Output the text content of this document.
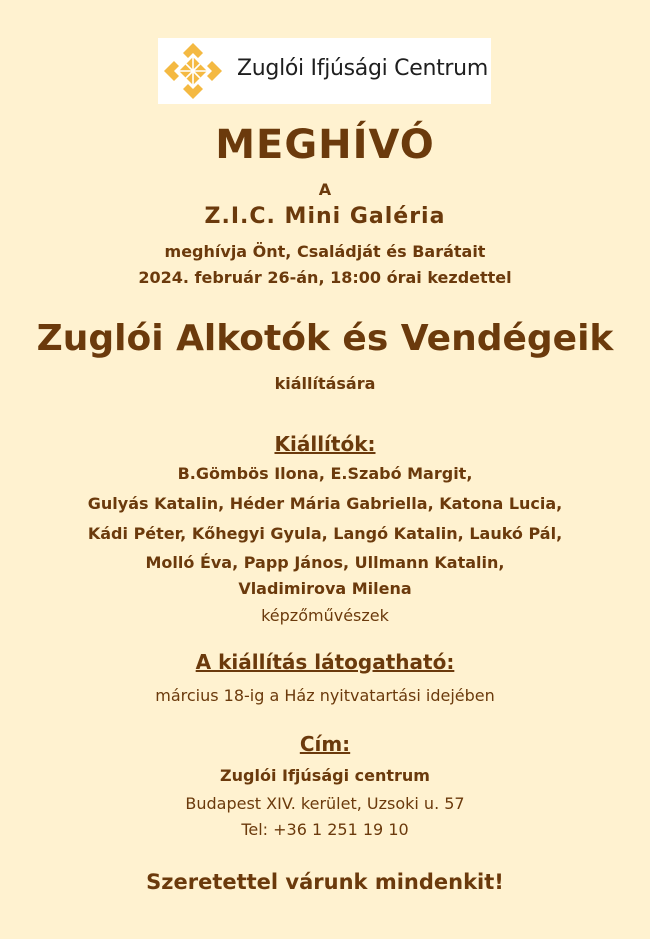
Zuglói Ifjúsági Centrum
MEGHÍVÓ
A
Z.I.C. Mini Galéria
meghívja Önt, Családját és Barátait
2024. február 26-án, 18:00 órai kezdettel
Zuglói Alkotók és Vendégeik
kiállítására
Kiállítók:
B.Gömbös Ilona, E.Szabó Margit,
Gulyás Katalin, Héder Mária Gabriella, Katona Lucia,
Kádi Péter, Kőhegyi Gyula, Langó Katalin, Laukó Pál,
Molló Éva, Papp János, Ullmann Katalin,
Vladimirova Milena
képzőművészek
A kiállítás látogatható:
március 18-ig a Ház nyitvatartási idejében
Cím:
Zuglói Ifjúsági centrum
Budapest XIV. kerület, Uzsoki u. 57
Tel: +36 1 251 19 10
Szeretettel várunk mindenkit!
